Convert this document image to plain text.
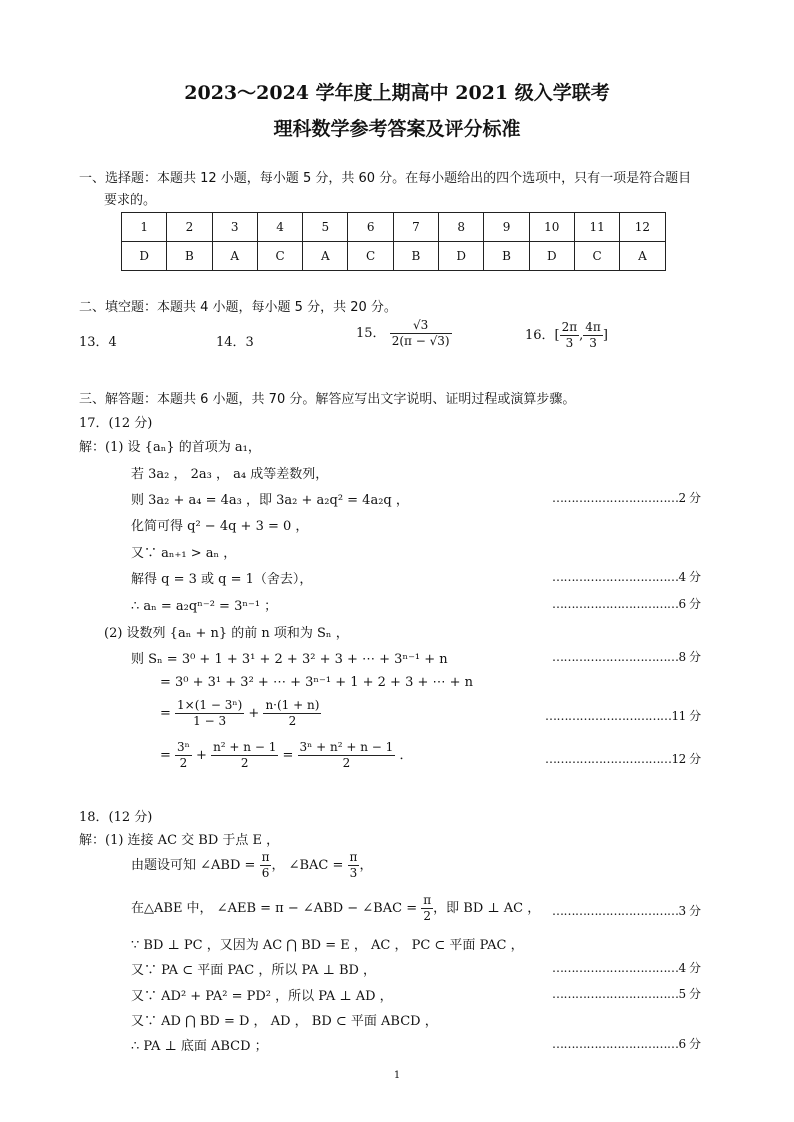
2023～2024 学年度上期高中 2021 级入学联考
理科数学参考答案及评分标准
一、选择题：本题共 12 小题，每小题 5 分，共 60 分。在每小题给出的四个选项中，只有一项是符合题目
要求的。
1	2	3	4	5	6	7	8	9	10	11	12
D	B	A	C	A	C	B	D	B	D	C	A
二、填空题：本题共 4 小题，每小题 5 分，共 20 分。
13．4	14．3
15． $\frac{√3}{2(\pi - √3)}$	16．[ $\frac{2\pi}{3}$ , $\frac{4\pi}{3}$ ]
三、解答题：本题共 6 小题，共 70 分。解答应写出文字说明、证明过程或演算步骤。
17．(12 分)
解：(1) 设 {aₙ} 的首项为 a₁，
若 3a₂ ， 2a₃ ， a₄ 成等差数列，
则 3a₂ + a₄ = 4a₃ ，即 3a₂ + a₂q² = 4a₂q ，	……………………………2 分
化简可得 q² − 4q + 3 = 0 ，
又∵ aₙ₊₁ > aₙ ，
解得 q = 3 或 q = 1（舍去），	……………………………4 分
∴ aₙ = a₂qⁿ⁻² = 3ⁿ⁻¹ ；	……………………………6 分
(2) 设数列 {aₙ + n} 的前 n 项和为 Sₙ ，
则 Sₙ = 3⁰ + 1 + 3¹ + 2 + 3² + 3 + ⋯ + 3ⁿ⁻¹ + n	……………………………8 分
= 3⁰ + 3¹ + 3² + ⋯ + 3ⁿ⁻¹ + 1 + 2 + 3 + ⋯ + n
= $\frac{\text{1×(1 − 3ⁿ)}}{1 - 3} + \frac{n\cdot(1 + n)}{2}$	……………………………11 分
= $\frac{\text{3ⁿ}}{2} + \frac{\text{n² + n − 1}}{2} = \frac{\text{3ⁿ + n² + n − 1}}{2}$ ．	……………………………12 分
18．(12 分)
解：(1) 连接 AC 交 BD 于点 E ，
由题设可知 ∠ABD = $\frac{\pi}{6}$ ， ∠BAC = $\frac{\pi}{3}$ ，
在△ABE 中， ∠AEB = π − ∠ABD − ∠BAC = $\frac{\pi}{2}$ ，即 BD ⊥ AC ， ……………………………3 分
∵ BD ⊥ PC ，又因为 AC ⋂ BD = E ， AC ， PC ⊂ 平面 PAC ，
又∵ PA ⊂ 平面 PAC ，所以 PA ⊥ BD ，	……………………………4 分
又∵ AD² + PA² = PD² ，所以 PA ⊥ AD ，	……………………………5 分
又∵ AD ⋂ BD = D ， AD ， BD ⊂ 平面 ABCD ，
∴ PA ⊥ 底面 ABCD ；	……………………………6 分
1
